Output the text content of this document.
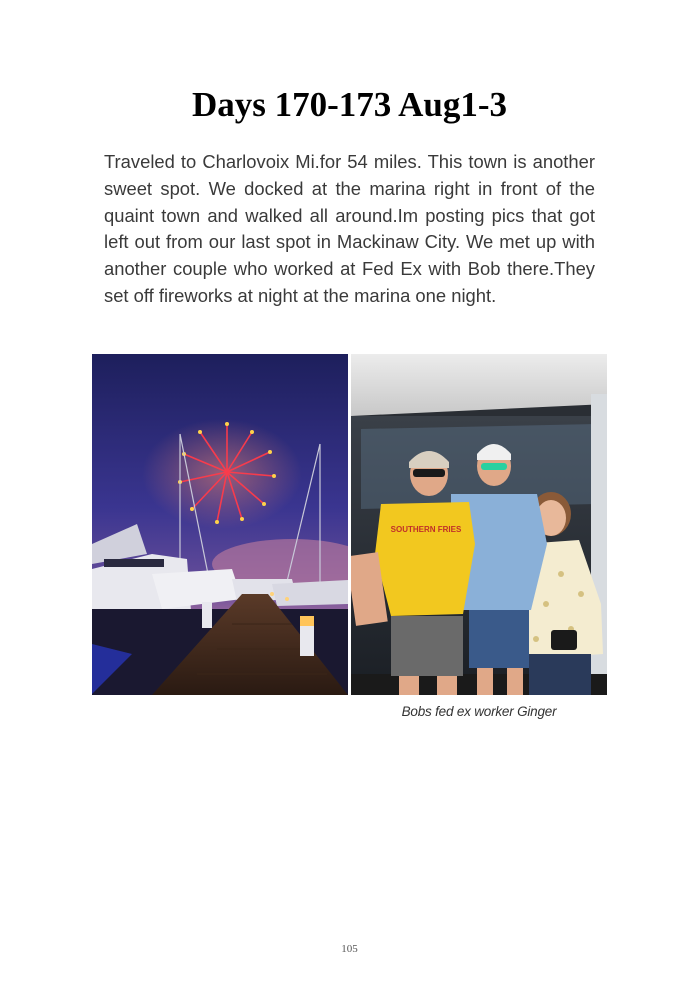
Days 170-173 Aug1-3

Traveled to Charlovoix Mi.for 54 miles. This town is another sweet spot. We docked at the marina right in front of the quaint town and walked all around.Im posting pics that got left out from our last spot in Mackinaw City. We met up with another couple who worked at Fed Ex with Bob there.They set off fireworks at night at the marina one night.

SOUTHERN FRIES
Bobs fed ex worker Ginger
105
